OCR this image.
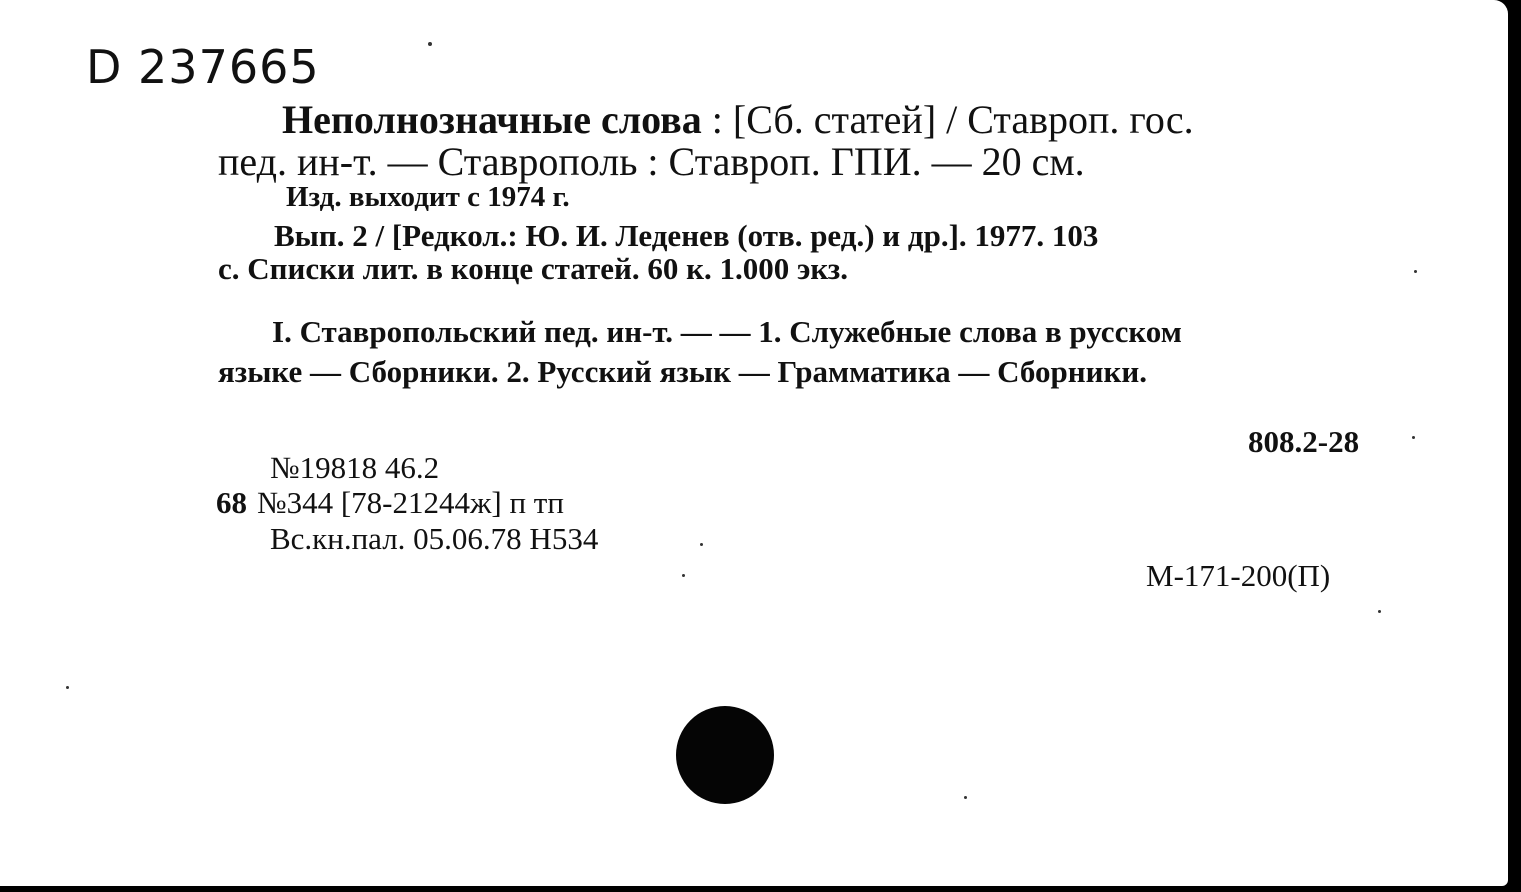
D 237665
Неполнозначные слова : [Сб. статей] / Ставроп. гос.
пед. ин-т. — Ставрополь : Ставроп. ГПИ. — 20 см.
Изд. выходит с 1974 г.
Вып. 2 / [Редкол.: Ю. И. Леденев (отв. ред.) и др.]. 1977. 103
с. Списки лит. в конце статей. 60 к. 1.000 экз.
I. Ставропольский пед. ин-т. — — 1. Служебные слова в русском
языке — Сборники. 2. Русский язык — Грамматика — Сборники.
808.2-28
№19818 46.2
68 №344 [78-21244ж] п тп
Вс.кн.пал. 05.06.78 Н534
М-171-200(П)
